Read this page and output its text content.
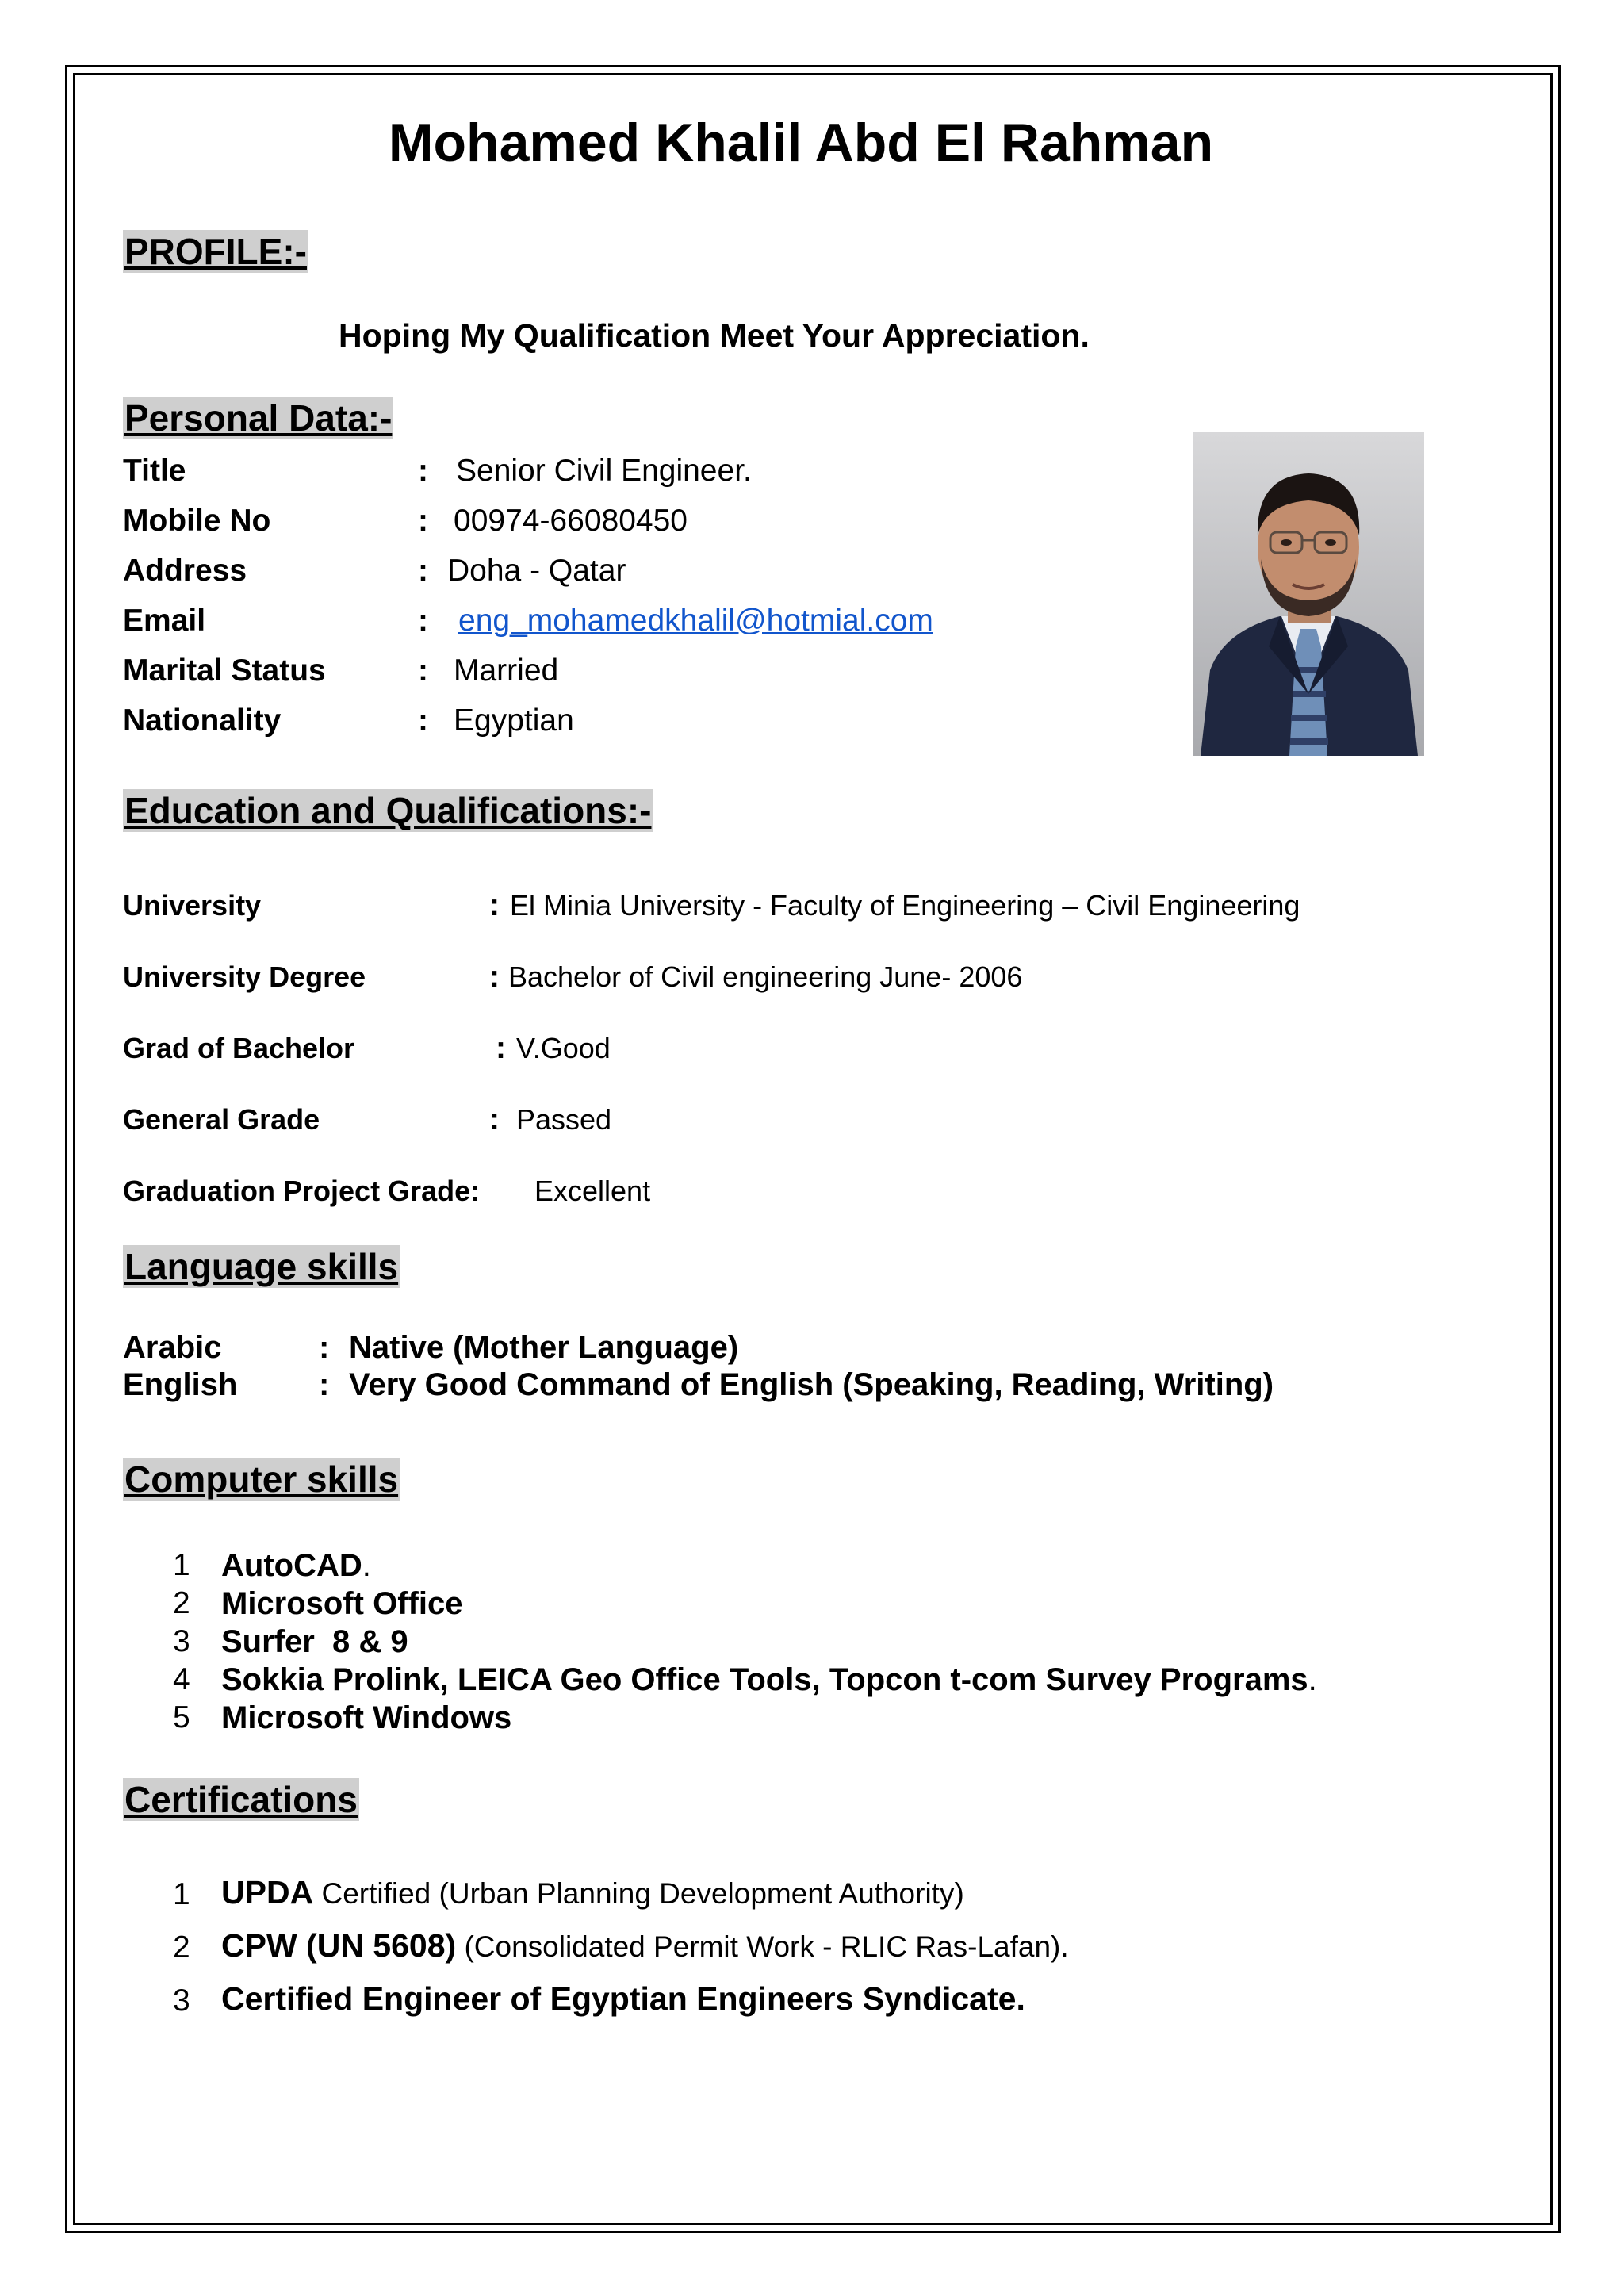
Mohamed Khalil Abd El Rahman
PROFILE:-
Hoping My Qualification Meet Your Appreciation.
Personal Data:-
Title	: Senior Civil Engineer.
Mobile No	: 00974-66080450
Address	: Doha - Qatar
Email	: eng_mohamedkhalil@hotmial.com
Marital Status	: Married
Nationality	: Egyptian
Education and Qualifications:-
University	: El Minia University - Faculty of Engineering – Civil Engineering
University Degree	: Bachelor of Civil engineering June- 2006
Grad of Bachelor	: V.Good
General Grade	: Passed
Graduation Project Grade: Excellent
Language skills
Arabic	: Native (Mother Language)
English	: Very Good Command of English (Speaking, Reading, Writing)
Computer skills
1 AutoCAD.
2 Microsoft Office
3 Surfer  8 & 9
4 Sokkia Prolink, LEICA Geo Office Tools, Topcon t-com Survey Programs.
5 Microsoft Windows
Certifications
1 UPDA Certified (Urban Planning Development Authority)
2 CPW (UN 5608) (Consolidated Permit Work - RLIC Ras-Lafan).
3 Certified Engineer of Egyptian Engineers Syndicate.
